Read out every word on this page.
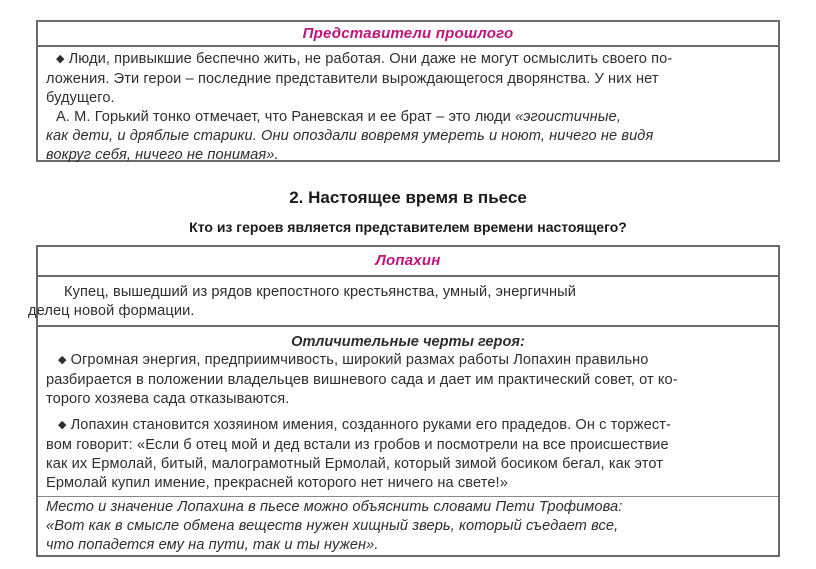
Представители прошлого

◆ Люди, привыкшие беспечно жить, не работая. Они даже не могут осмыслить своего по-
ложения. Эти герои – последние представители вырождающегося дворянства. У них нет
будущего.

А. М. Горький тонко отмечает, что Раневская и ее брат – это люди «эгоистичные,
как дети, и дряблые старики. Они опоздали вовремя умереть и ноют, ничего не видя
вокруг себя, ничего не понимая».

2. Настоящее время в пьесе
Кто из героев является представителем времени настоящего?
Лопахин

Купец, вышедший из рядов крепостного крестьянства, умный, энергичный
делец новой формации.

Отличительные черты героя:

◆ Огромная энергия, предприимчивость, широкий размах работы Лопахин правильно
разбирается в положении владельцев вишневого сада и дает им практический совет, от ко-
торого хозяева сада отказываются.

◆ Лопахин становится хозяином имения, созданного руками его прадедов. Он с торжест-
вом говорит: «Если б отец мой и дед встали из гробов и посмотрели на все происшествие
как их Ермолай, битый, малограмотный Ермолай, который зимой босиком бегал, как этот
Ермолай купил имение, прекрасней которого нет ничего на свете!»

Место и значение Лопахина в пьесе можно объяснить словами Пети Трофимова:
«Вот как в смысле обмена веществ нужен хищный зверь, который съедает все,
что попадется ему на пути, так и ты нужен».
